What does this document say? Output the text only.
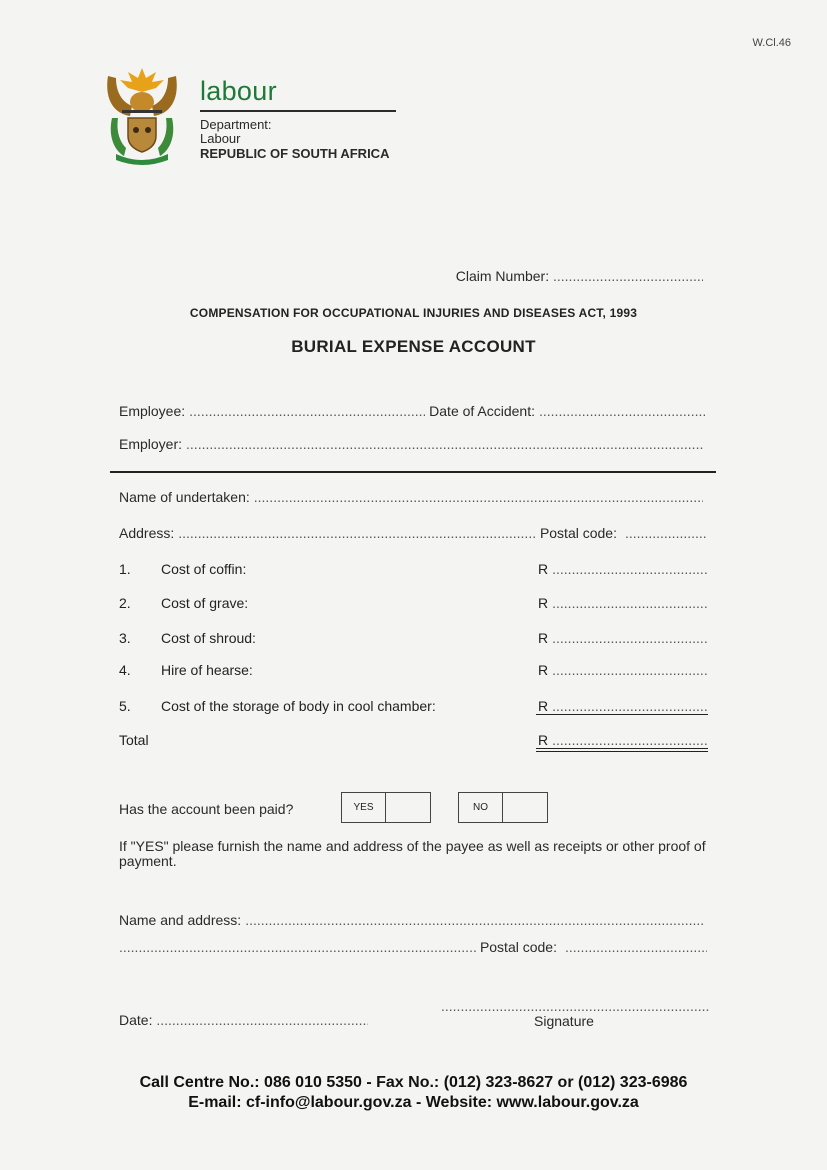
W.Cl.46
labour
Department:
Labour
REPUBLIC OF SOUTH AFRICA
Claim Number: .....
COMPENSATION FOR OCCUPATIONAL INJURIES AND DISEASES ACT, 1993
BURIAL EXPENSE ACCOUNT
Employee: .....	Date of Accident:
.....
Employer:
.....
Name of undertaken:
.....
Address: .....	Postal code:
.....
1. Cost of coffin:	R
.....
2. Cost of grave:	R
.....
3. Cost of shroud:	R
.....
4. Hire of hearse:	R
.....
5. Cost of the storage of body in cool chamber:	R
.....
Total	R
.....
Has the account been paid?	YES	NO
If "YES" please furnish the name and address of the payee as well as receipts or other proof of
payment.
Name and address:
.....
.....
Postal code:
.....
.....
Date: .....	Signature
Call Centre No.: 086 010 5350 - Fax No.: (012) 323-8627 or (012) 323-6986
E-mail: cf-info@labour.gov.za - Website: www.labour.gov.za
